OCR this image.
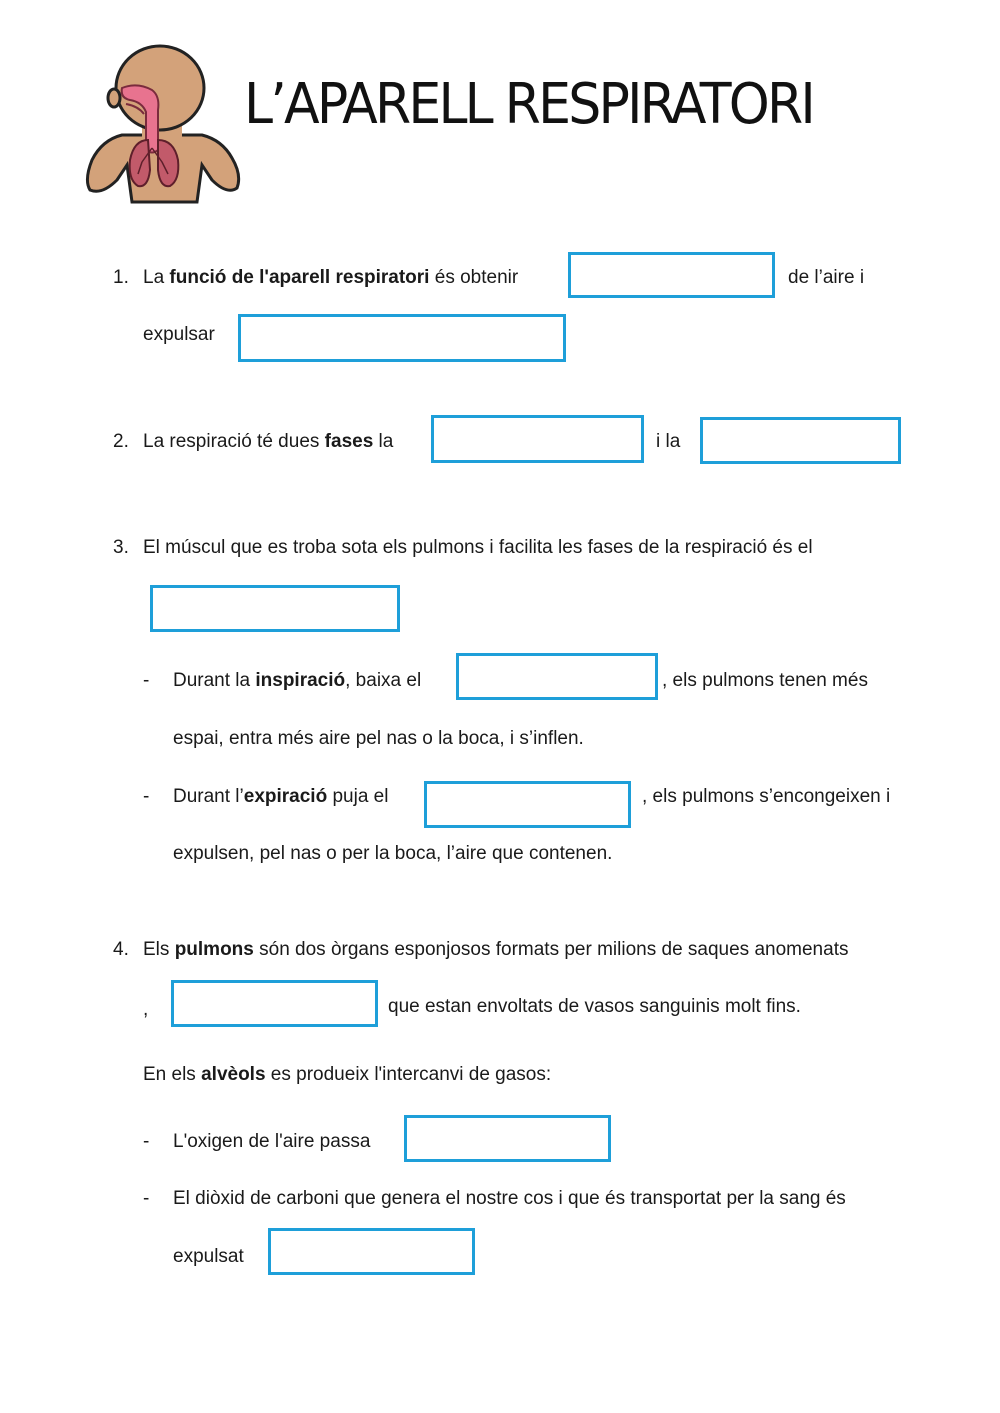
L’APARELL RESPIRATORI
1. La funció de l'aparell respiratori és obtenir	de l’aire i
expulsar
2. La respiració té dues fases la	i la
3. El múscul que es troba sota els pulmons i facilita les fases de la respiració és el
- Durant la inspiració, baixa el	, els pulmons tenen més
espai, entra més aire pel nas o la boca, i s’inflen.
- Durant l’expiració puja el	, els pulmons s’encongeixen i
expulsen, pel nas o per la boca, l’aire que contenen.
4. Els pulmons són dos òrgans esponjosos formats per milions de saques anomenats
,	que estan envoltats de vasos sanguinis molt fins.
En els alvèols es produeix l'intercanvi de gasos:
- L'oxigen de l'aire passa
- El diòxid de carboni que genera el nostre cos i que és transportat per la sang és
expulsat
